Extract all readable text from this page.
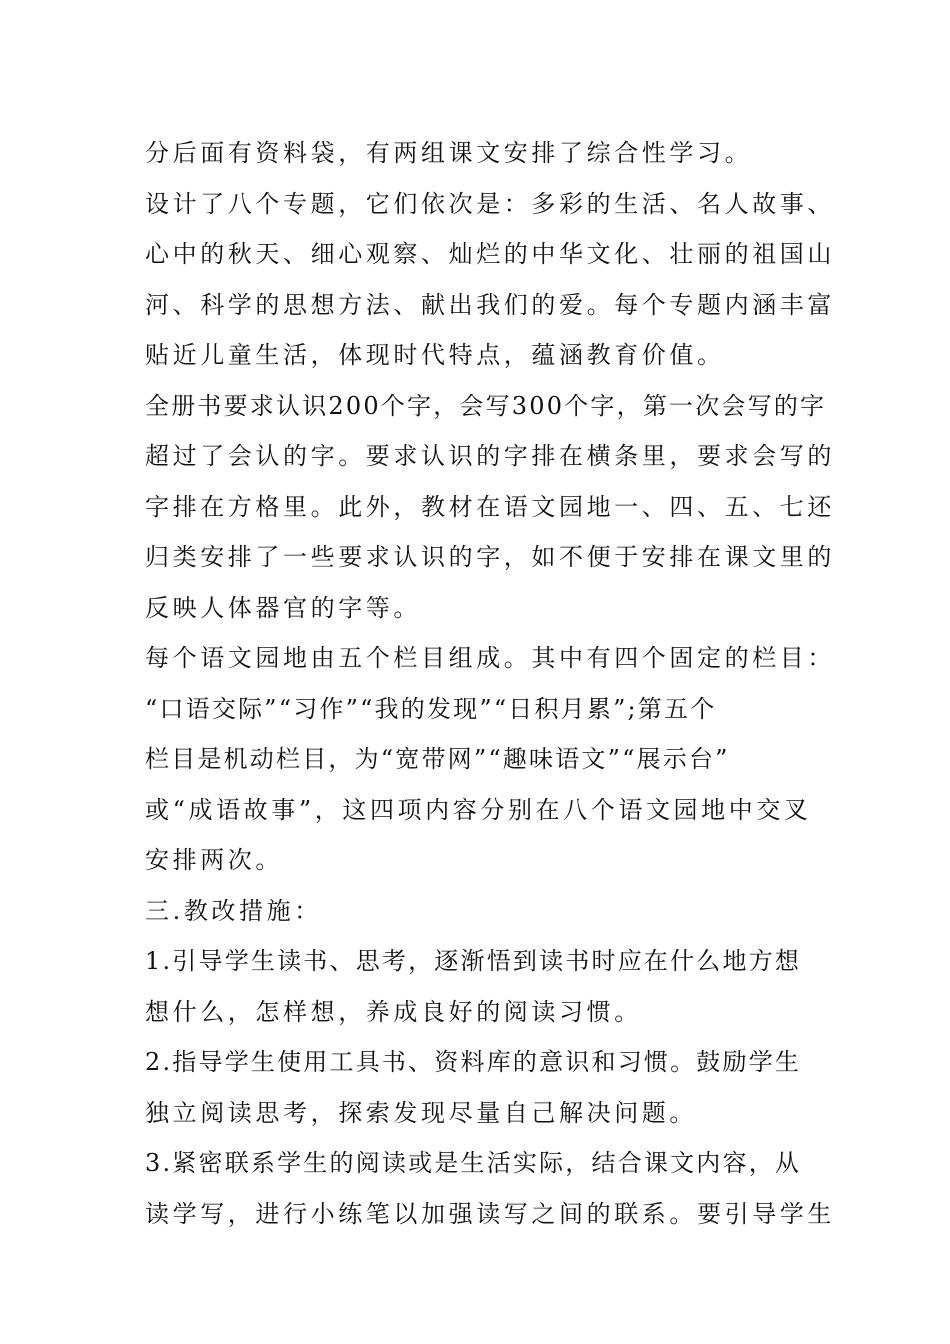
分后面有资料袋，有两组课文安排了综合性学习。
设计了八个专题，它们依次是：多彩的生活、名人故事、
心中的秋天、细心观察、灿烂的中华文化、壮丽的祖国山
河、科学的思想方法、献出我们的爱。每个专题内涵丰富
贴近儿童生活，体现时代特点，蕴涵教育价值。
全册书要求认识200个字，会写300个字，第一次会写的字
超过了会认的字。要求认识的字排在横条里，要求会写的
字排在方格里。此外，教材在语文园地一、四、五、七还
归类安排了一些要求认识的字，如不便于安排在课文里的
反映人体器官的字等。
每个语文园地由五个栏目组成。其中有四个固定的栏目：
“口语交际”“习作”“我的发现”“日积月累”;第五个
栏目是机动栏目，为“宽带网”“趣味语文”“展示台”
或“成语故事”，这四项内容分别在八个语文园地中交叉
安排两次。
三.教改措施：
1.引导学生读书、思考，逐渐悟到读书时应在什么地方想
想什么，怎样想，养成良好的阅读习惯。
2.指导学生使用工具书、资料库的意识和习惯。鼓励学生
独立阅读思考，探索发现尽量自己解决问题。
3.紧密联系学生的阅读或是生活实际，结合课文内容，从
读学写，进行小练笔以加强读写之间的联系。要引导学生
